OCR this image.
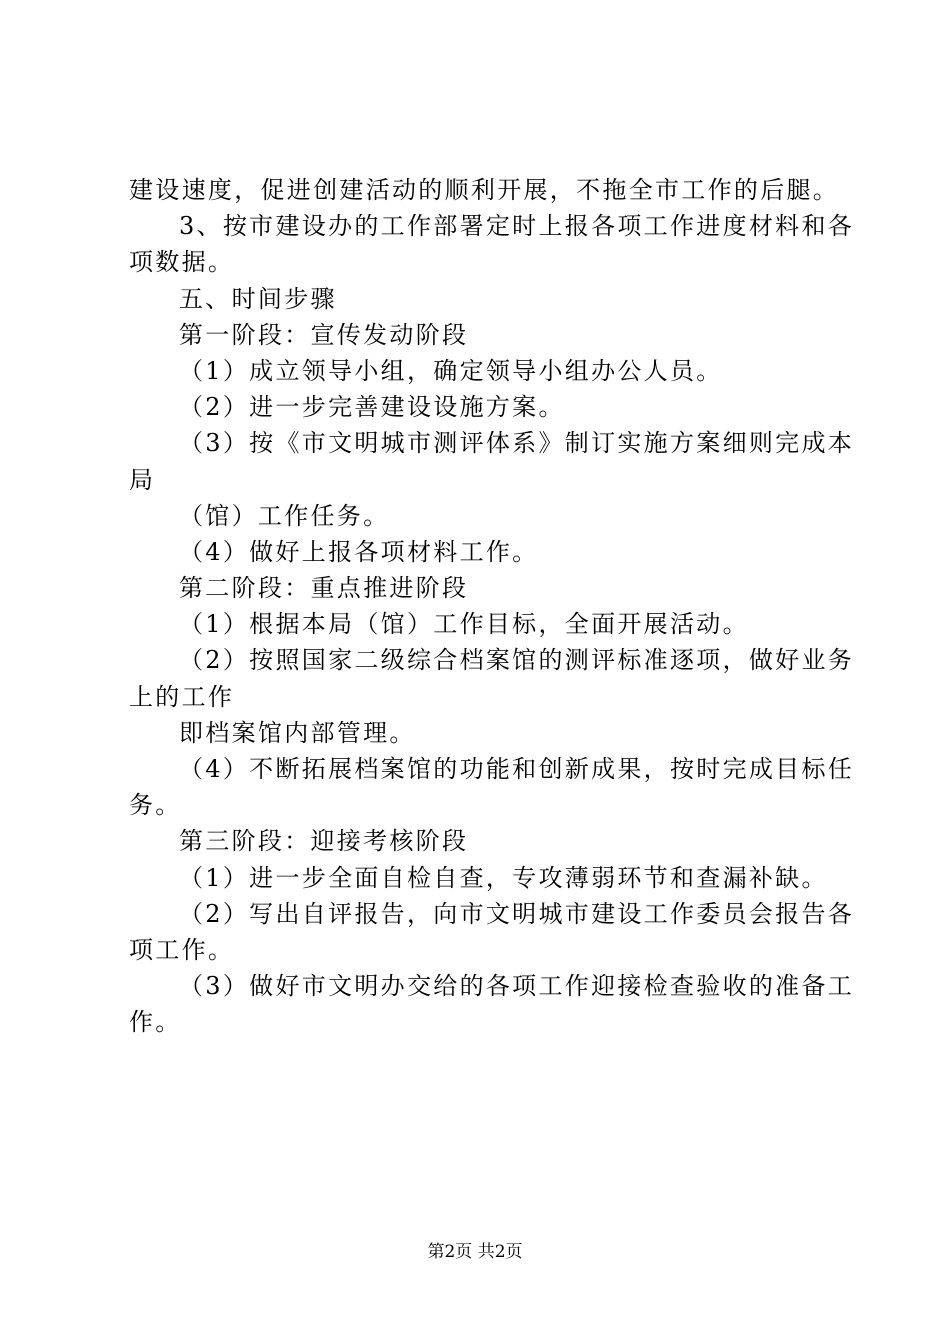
建设速度，促进创建活动的顺利开展，不拖全市工作的后腿。
3、按市建设办的工作部署定时上报各项工作进度材料和各
项数据。
五、时间步骤
第一阶段：宣传发动阶段
（1）成立领导小组，确定领导小组办公人员。
（2）进一步完善建设设施方案。
（3）按《市文明城市测评体系》制订实施方案细则完成本
局
（馆）工作任务。
（4）做好上报各项材料工作。
第二阶段：重点推进阶段
（1）根据本局（馆）工作目标，全面开展活动。
（2）按照国家二级综合档案馆的测评标准逐项，做好业务
上的工作
即档案馆内部管理。
（4）不断拓展档案馆的功能和创新成果，按时完成目标任
务。
第三阶段：迎接考核阶段
（1）进一步全面自检自查，专攻薄弱环节和查漏补缺。
（2）写出自评报告，向市文明城市建设工作委员会报告各
项工作。
（3）做好市文明办交给的各项工作迎接检查验收的准备工
作。
第2页 共2页
